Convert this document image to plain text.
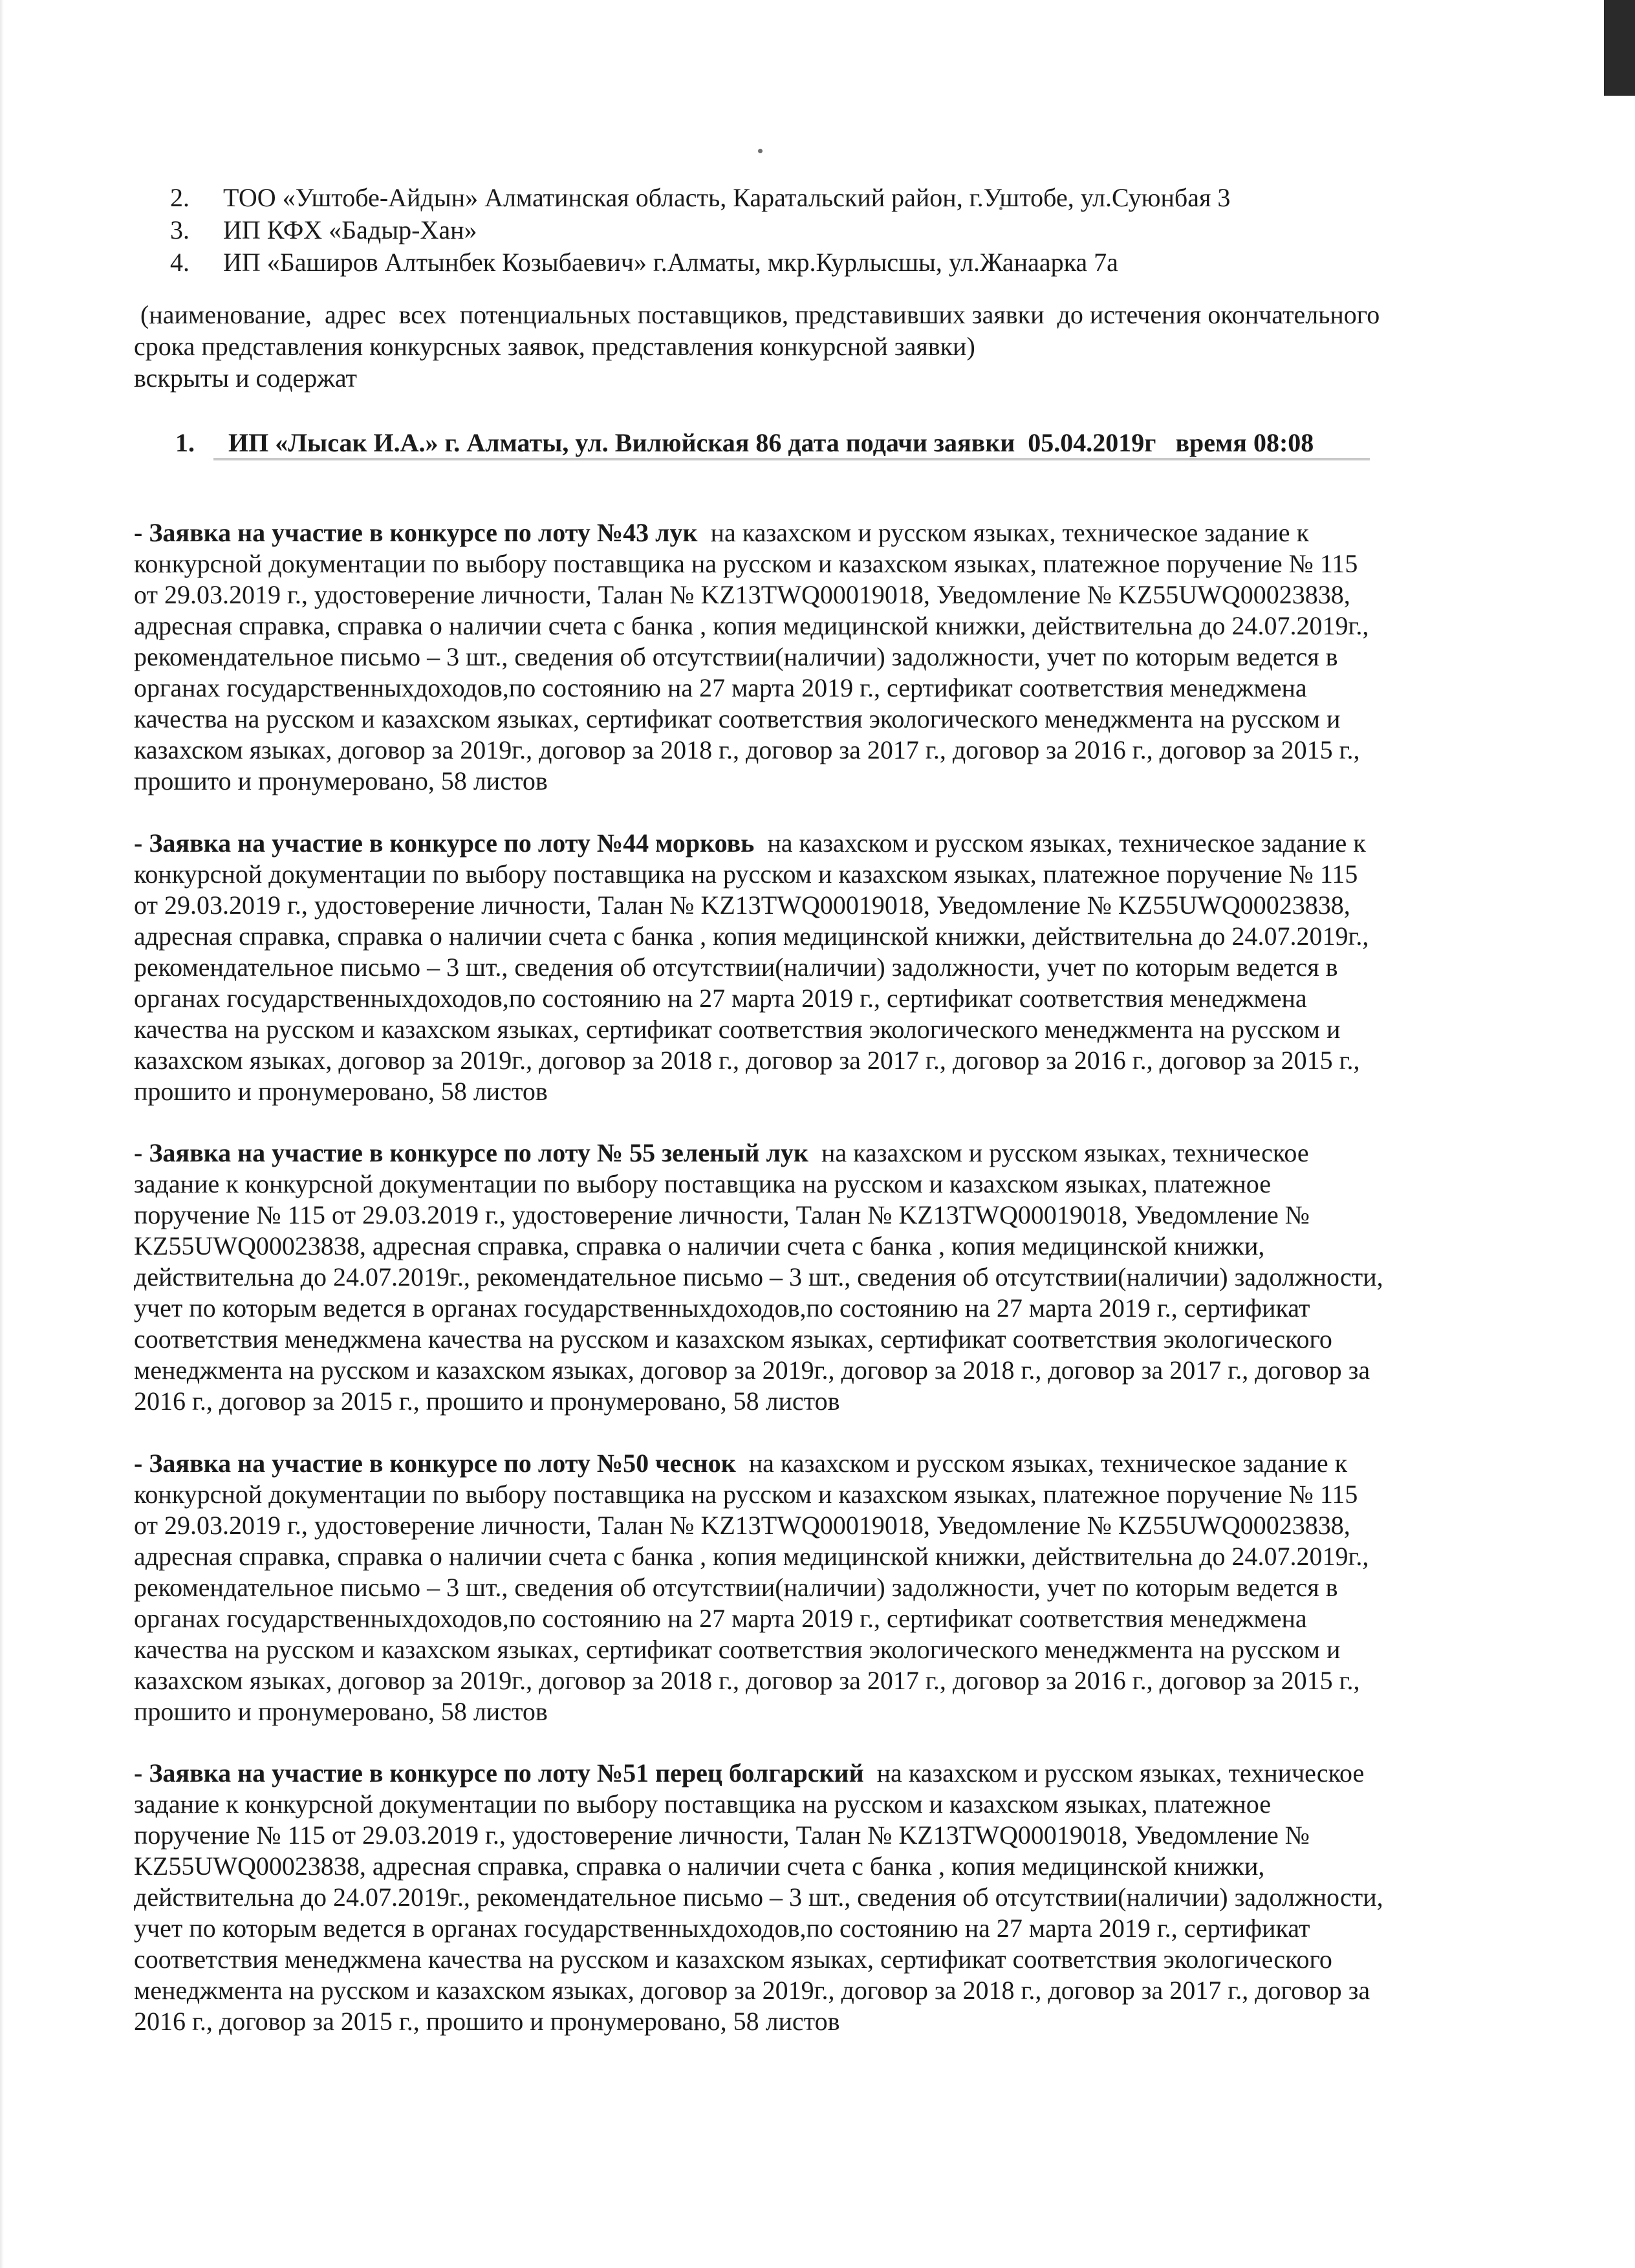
2.	ТОО «Уштобе-Айдын» Алматинская область, Каратальский район, г.Уштобе, ул.Суюнбая 3
3.	ИП КФХ «Бадыр-Хан»
4.	ИП «Баширов Алтынбек Козыбаевич» г.Алматы, мкр.Курлысшы, ул.Жанаарка 7а

(наименование,  адрес  всех  потенциальных поставщиков, представивших заявки  до истечения окончательного
срока представления конкурсных заявок, представления конкурсной заявки)
вскрыты и содержат

1. ИП «Лысак И.А.» г. Алматы, ул. Вилюйская 86 дата подачи заявки  05.04.2019г   время 08:08
- Заявка на участие в конкурсе по лоту №43 лук  на казахском и русском языках, техническое задание к
конкурсной документации по выбору поставщика на русском и казахском языках, платежное поручение № 115
от 29.03.2019 г., удостоверение личности, Талан № KZ13TWQ00019018, Уведомление № KZ55UWQ00023838,
адресная справка, справка о наличии счета с банка , копия медицинской книжки, действительна до 24.07.2019г.,
рекомендательное письмо – 3 шт., сведения об отсутствии(наличии) задолжности, учет по которым ведется в
органах государственныхдоходов,по состоянию на 27 марта 2019 г., сертификат соответствия менеджмена
качества на русском и казахском языках, сертификат соответствия экологического менеджмента на русском и
казахском языках, договор за 2019г., договор за 2018 г., договор за 2017 г., договор за 2016 г., договор за 2015 г.,
прошито и пронумеровано, 58 листов
- Заявка на участие в конкурсе по лоту №44 морковь  на казахском и русском языках, техническое задание к
конкурсной документации по выбору поставщика на русском и казахском языках, платежное поручение № 115
от 29.03.2019 г., удостоверение личности, Талан № KZ13TWQ00019018, Уведомление № KZ55UWQ00023838,
адресная справка, справка о наличии счета с банка , копия медицинской книжки, действительна до 24.07.2019г.,
рекомендательное письмо – 3 шт., сведения об отсутствии(наличии) задолжности, учет по которым ведется в
органах государственныхдоходов,по состоянию на 27 марта 2019 г., сертификат соответствия менеджмена
качества на русском и казахском языках, сертификат соответствия экологического менеджмента на русском и
казахском языках, договор за 2019г., договор за 2018 г., договор за 2017 г., договор за 2016 г., договор за 2015 г.,
прошито и пронумеровано, 58 листов
- Заявка на участие в конкурсе по лоту № 55 зеленый лук  на казахском и русском языках, техническое
задание к конкурсной документации по выбору поставщика на русском и казахском языках, платежное
поручение № 115 от 29.03.2019 г., удостоверение личности, Талан № KZ13TWQ00019018, Уведомление №
KZ55UWQ00023838, адресная справка, справка о наличии счета с банка , копия медицинской книжки,
действительна до 24.07.2019г., рекомендательное письмо – 3 шт., сведения об отсутствии(наличии) задолжности,
учет по которым ведется в органах государственныхдоходов,по состоянию на 27 марта 2019 г., сертификат
соответствия менеджмена качества на русском и казахском языках, сертификат соответствия экологического
менеджмента на русском и казахском языках, договор за 2019г., договор за 2018 г., договор за 2017 г., договор за
2016 г., договор за 2015 г., прошито и пронумеровано, 58 листов
- Заявка на участие в конкурсе по лоту №50 чеснок  на казахском и русском языках, техническое задание к
конкурсной документации по выбору поставщика на русском и казахском языках, платежное поручение № 115
от 29.03.2019 г., удостоверение личности, Талан № KZ13TWQ00019018, Уведомление № KZ55UWQ00023838,
адресная справка, справка о наличии счета с банка , копия медицинской книжки, действительна до 24.07.2019г.,
рекомендательное письмо – 3 шт., сведения об отсутствии(наличии) задолжности, учет по которым ведется в
органах государственныхдоходов,по состоянию на 27 марта 2019 г., сертификат соответствия менеджмена
качества на русском и казахском языках, сертификат соответствия экологического менеджмента на русском и
казахском языках, договор за 2019г., договор за 2018 г., договор за 2017 г., договор за 2016 г., договор за 2015 г.,
прошито и пронумеровано, 58 листов
- Заявка на участие в конкурсе по лоту №51 перец болгарский  на казахском и русском языках, техническое
задание к конкурсной документации по выбору поставщика на русском и казахском языках, платежное
поручение № 115 от 29.03.2019 г., удостоверение личности, Талан № KZ13TWQ00019018, Уведомление №
KZ55UWQ00023838, адресная справка, справка о наличии счета с банка , копия медицинской книжки,
действительна до 24.07.2019г., рекомендательное письмо – 3 шт., сведения об отсутствии(наличии) задолжности,
учет по которым ведется в органах государственныхдоходов,по состоянию на 27 марта 2019 г., сертификат
соответствия менеджмена качества на русском и казахском языках, сертификат соответствия экологического
менеджмента на русском и казахском языках, договор за 2019г., договор за 2018 г., договор за 2017 г., договор за
2016 г., договор за 2015 г., прошито и пронумеровано, 58 листов
